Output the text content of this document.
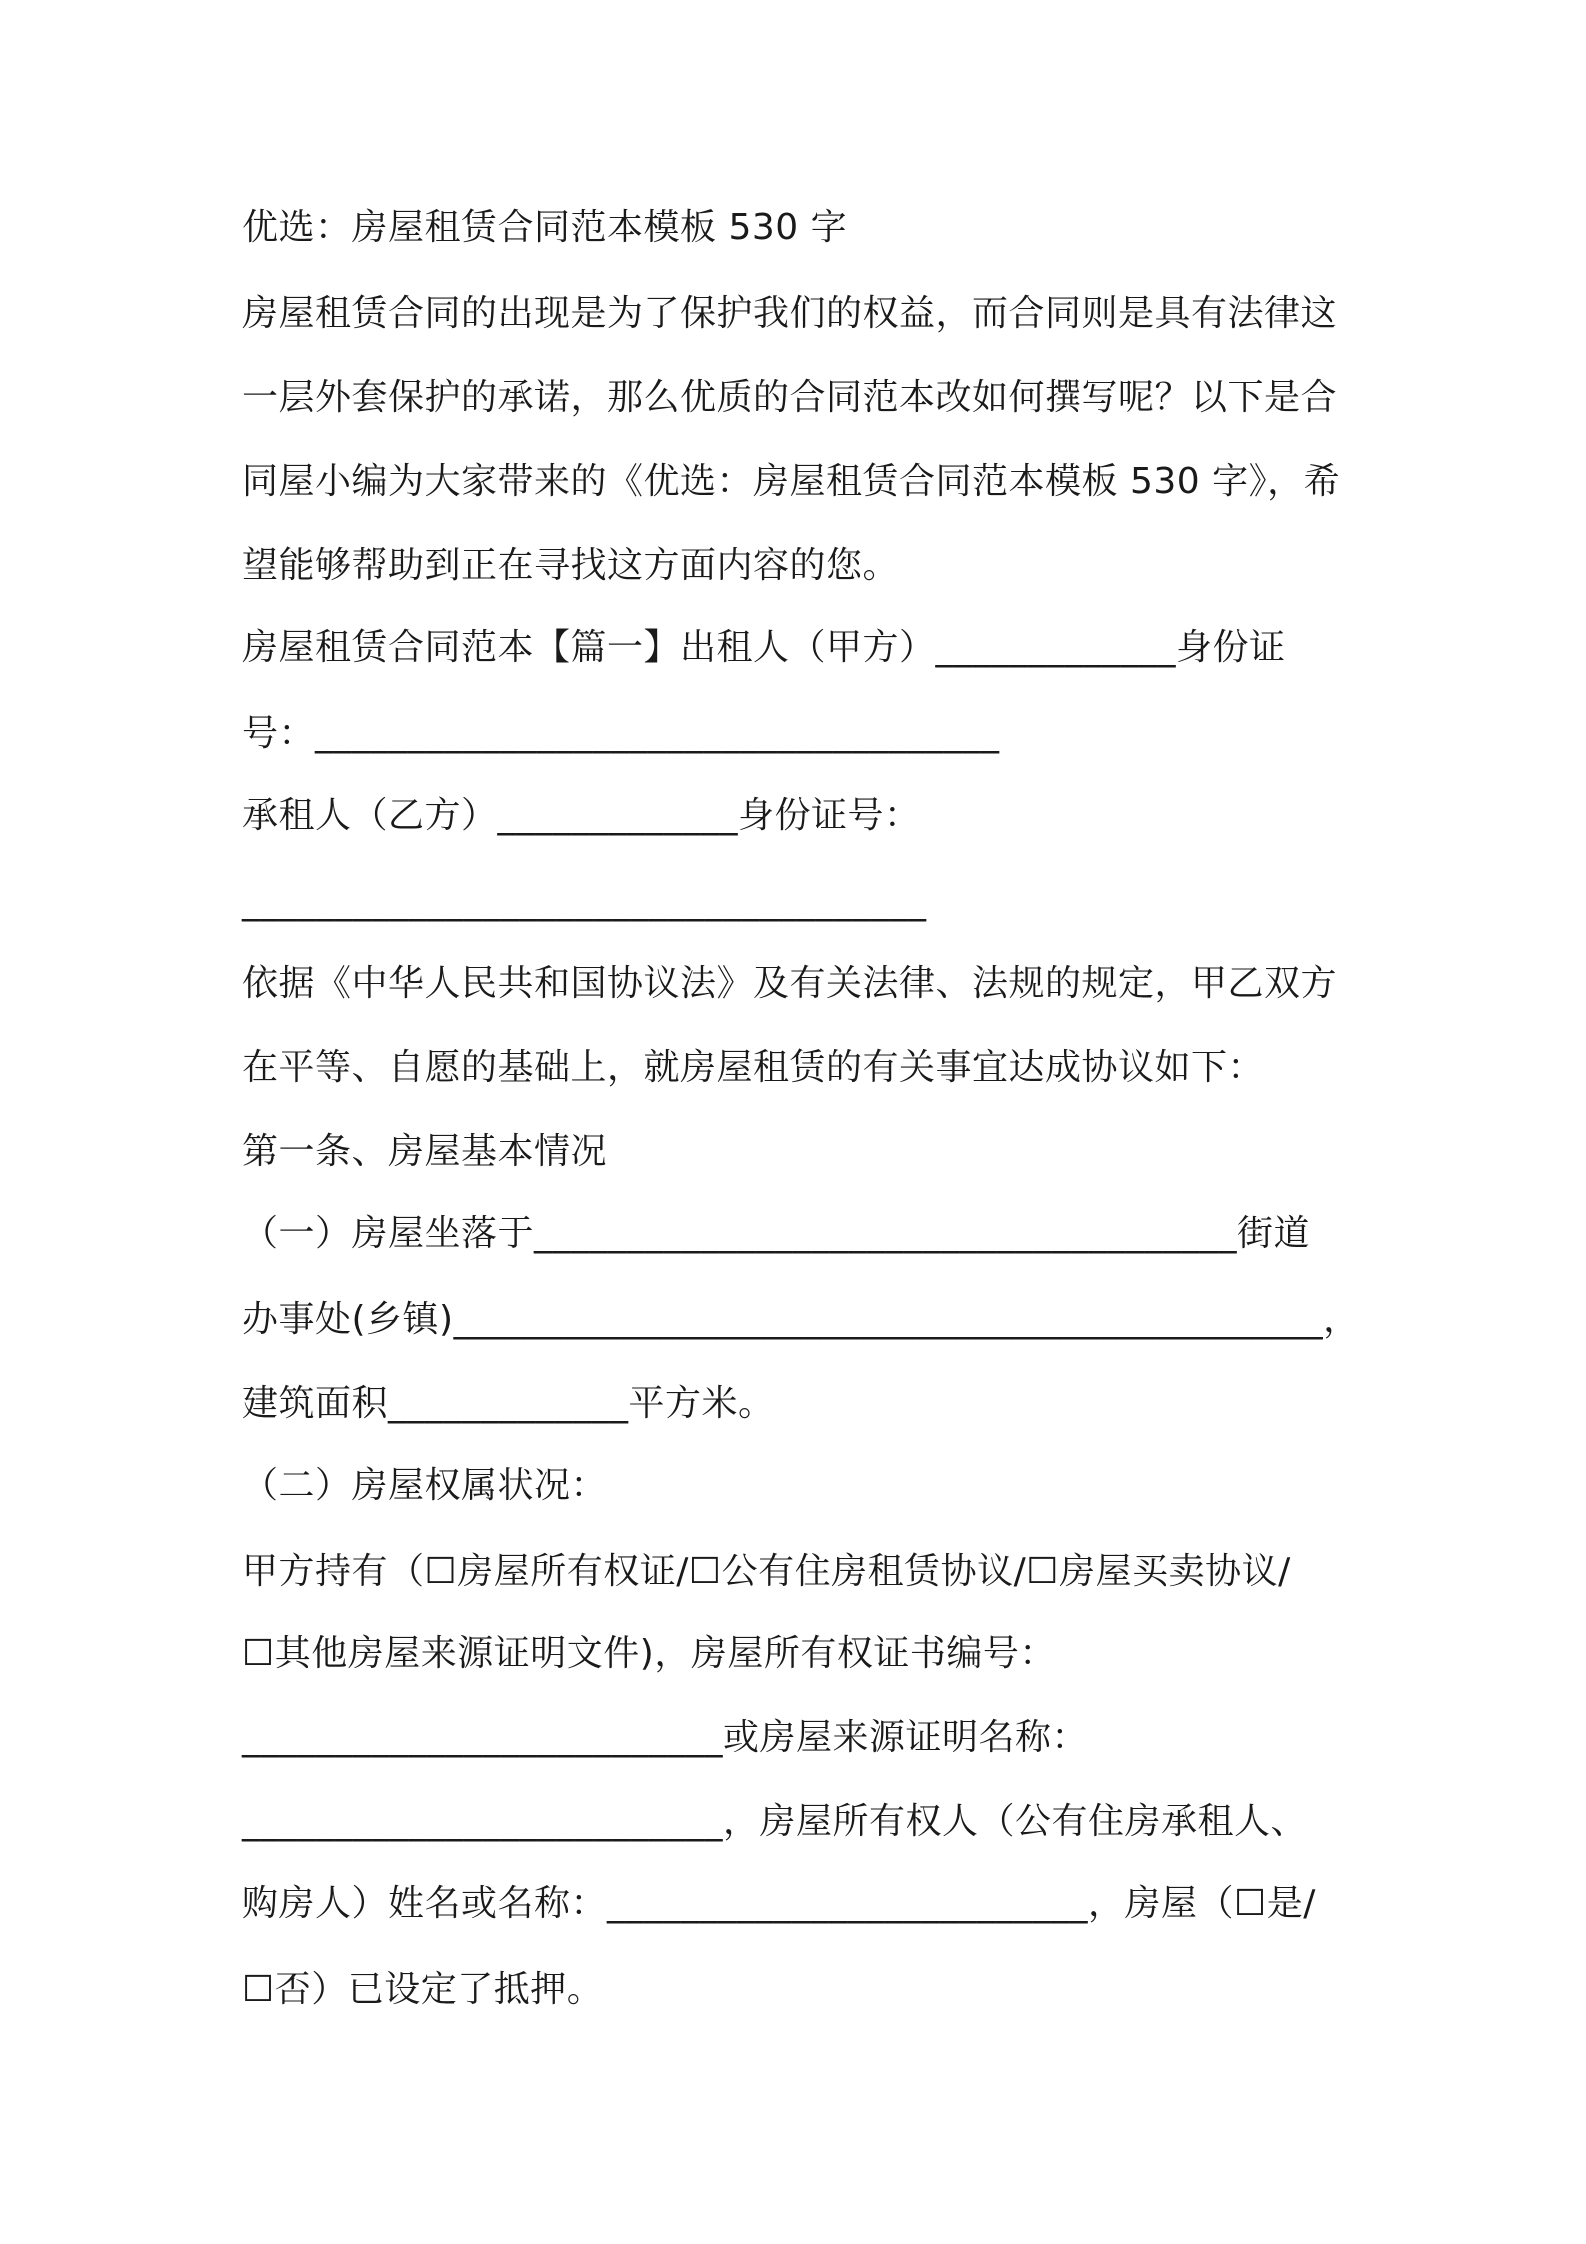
优选：房屋租赁合同范本模板 530 字
房屋租赁合同的出现是为了保护我们的权益，而合同则是具有法律这
一层外套保护的承诺，那么优质的合同范本改如何撰写呢？以下是合
同屋小编为大家带来的《优选：房屋租赁合同范本模板 530 字》，希
望能够帮助到正在寻找这方面内容的您。
房屋租赁合同范本【篇一】出租人（甲方）_____________身份证
号：_____________________________________
承租人（乙方）_____________身份证号：
_____________________________________
依据《中华人民共和国协议法》及有关法律、法规的规定，甲乙双方
在平等、自愿的基础上，就房屋租赁的有关事宜达成协议如下：
第一条、房屋基本情况
（一）房屋坐落于______________________________________街道
办事处(乡镇)_______________________________________________，
建筑面积_____________平方米。
（二）房屋权属状况：
甲方持有（☐房屋所有权证/☐公有住房租赁协议/☐房屋买卖协议/
☐其他房屋来源证明文件)，房屋所有权证书编号：
__________________________或房屋来源证明名称：
__________________________，房屋所有权人（公有住房承租人、
购房人）姓名或名称：__________________________，房屋（☐是/
☐否）已设定了抵押。
